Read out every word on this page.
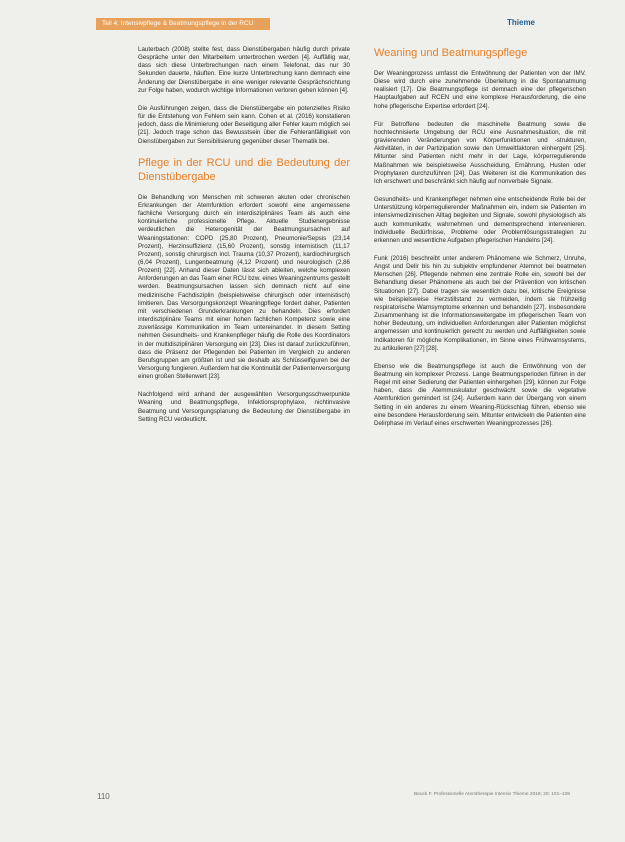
Teil 4: Intensivpflege & Beatmungspflege in der RCU	Thieme

Lauterbach (2008) stellte fest, dass Dienstübergaben häufig durch private Gespräche unter den Mitarbeitern unterbrochen werden [4]. Auffällig war, dass sich diese Unterbrechungen nach einem Telefonat, das nur 30 Sekunden dauerte, häuften. Eine kurze Unterbrechung kann demnach eine Änderung der Dienstübergabe in eine weniger relevante Gesprächsrichtung zur Folge haben, wodurch wichtige Informationen verloren gehen können [4].

Die Ausführungen zeigen, dass die Dienstübergabe ein potenzielles Risiko für die Entstehung von Fehlern sein kann. Cohen et al. (2016) konstatieren jedoch, dass die Minimierung oder Beseitigung aller Fehler kaum möglich sei [21]. Jedoch trage schon das Bewusstsein über die Fehleranfälligkeit von Dienstübergaben zur Sensibilisierung gegenüber dieser Thematik bei.

Pflege in der RCU und die Bedeutung der Dienstübergabe

Die Behandlung von Menschen mit schweren akuten oder chronischen Erkrankungen der Atemfunktion erfordert sowohl eine angemessene fachliche Versorgung durch ein interdisziplinäres Team als auch eine kontinuierliche professionelle Pflege. Aktuelle Studienergebnisse verdeutlichen die Heterogenität der Beatmungsursachen auf Weaningstationen: COPD (25,80 Prozent), Pneumonie/Sepsis (23,14 Prozent), Herzinsuffizienz (15,60 Prozent), sonstig internistisch (11,17 Prozent), sonstig chirurgisch incl. Trauma (10,37 Prozent), kardiochirurgisch (6,04 Prozent), Lungenbeatmung (4,12 Prozent) und neurologisch (2,86 Prozent) [22]. Anhand dieser Daten lässt sich ableiten, welche komplexen Anforderungen an das Team einer RCU bzw. eines Weaningzentrums gestellt werden. Beatmungsursachen lassen sich demnach nicht auf eine medizinische Fachdisziplin (beispielsweise chirurgisch oder internistisch) limitieren. Das Versorgungskonzept Weaningpflege fordert daher, Patienten mit verschiedenen Grunderkrankungen zu behandeln. Dies erfordert interdisziplinäre Teams mit einer hohen fachlichen Kompetenz sowie eine zuverlässige Kommunikation im Team untereinander. In diesem Setting nehmen Gesundheits- und Krankenpfleger häufig die Rolle des Koordinators in der multidisziplinären Versorgung ein [23]. Dies ist darauf zurückzuführen, dass die Präsenz der Pflegenden bei Patienten im Vergleich zu anderen Berufsgruppen am größten ist und sie deshalb als Schlüsselfiguren bei der Versorgung fungieren. Außerdem hat die Kontinuität der Patientenversorgung einen großen Stellenwert [23].

Nachfolgend wird anhand der ausgewählten Versorgungsschwerpunkte Weaning und Beatmungspflege, Infektionsprophylaxe, nichtinvasive Beatmung und Versorgungsplanung die Bedeutung der Dienstübergabe im Setting RCU verdeutlicht.

Weaning und Beatmungspflege

Der Weaningprozess umfasst die Entwöhnung der Patienten von der IMV. Diese wird durch eine zunehmende Überleitung in die Spontanatmung realisiert [17]. Die Beatmungspflege ist demnach eine der pflegerischen Hauptaufgaben auf RCEN und eine komplexe Herausforderung, die eine hohe pflegerische Expertise erfordert [24].

Für Betroffene bedeuten die maschinelle Beatmung sowie die hochtechnisierte Umgebung der RCU eine Ausnahmesituation, die mit gravierenden Veränderungen von Körperfunktionen und -strukturen, Aktivitäten, in der Partizipation sowie den Umweltfaktoren einhergeht [25]. Mitunter sind Patienten nicht mehr in der Lage, körperregulierende Maßnahmen wie beispielsweise Ausscheidung, Ernährung, Husten oder Prophylaxen durchzuführen [24]. Das Weiteren ist die Kommunikation des Ich erschwert und beschränkt sich häufig auf nonverbale Signale.

Gesundheits- und Krankenpfleger nehmen eine entscheidende Rolle bei der Unterstützung körperregulierender Maßnahmen ein, indem sie Patienten im intensivmedizinischen Alltag begleiten und Signale, sowohl physiologisch als auch kommunikativ, wahrnehmen und dementsprechend intervenieren. Individuelle Bedürfnisse, Probleme oder Problemlösungsstrategien zu erkennen und wesentliche Aufgaben pflegerischen Handelns [24].

Funk (2016) beschreibt unter anderem Phänomene wie Schmerz, Unruhe, Angst und Delir bis hin zu subjektiv empfundener Atemnot bei beatmeten Menschen [26]. Pflegende nehmen eine zentrale Rolle ein, sowohl bei der Behandlung dieser Phänomene als auch bei der Prävention von kritischen Situationen [27]. Dabei tragen sie wesentlich dazu bei, kritische Ereignisse wie beispielsweise Herzstillstand zu vermeiden, indem sie frühzeitig respiratorische Warnsymptome erkennen und behandeln [27]. Insbesondere Zusammenhang ist die Informationsweitergabe im pflegerischen Team von hoher Bedeutung, um individuellen Anforderungen aller Patienten möglichst angemessen und kontinuierlich gerecht zu werden und Auffälligkeiten sowie Indikatoren für mögliche Komplikationen, im Sinne eines Frühwarnsystems, zu artikulieren [27] [28].

Ebenso wie die Beatmungspflege ist auch die Entwöhnung von der Beatmung ein komplexer Prozess. Lange Beatmungsperioden führen in der Regel mit einer Sedierung der Patienten einhergehen [29], können zur Folge haben, dass die Atemmuskulatur geschwächt sowie die vegetative Atemfunktion gemindert ist [24]. Außerdem kann der Übergang von einem Setting in ein anderes zu einem Weaning-Rückschlag führen, ebenso wie eine besondere Herausforderung sein. Mitunter entwickeln die Patienten eine Delirphase im Verlauf eines erschwerten Weaningprozesses [26].

110	Beuck F. Professionelle Atemtherapie Intensiv Thieme 2019; 20: 101–109
